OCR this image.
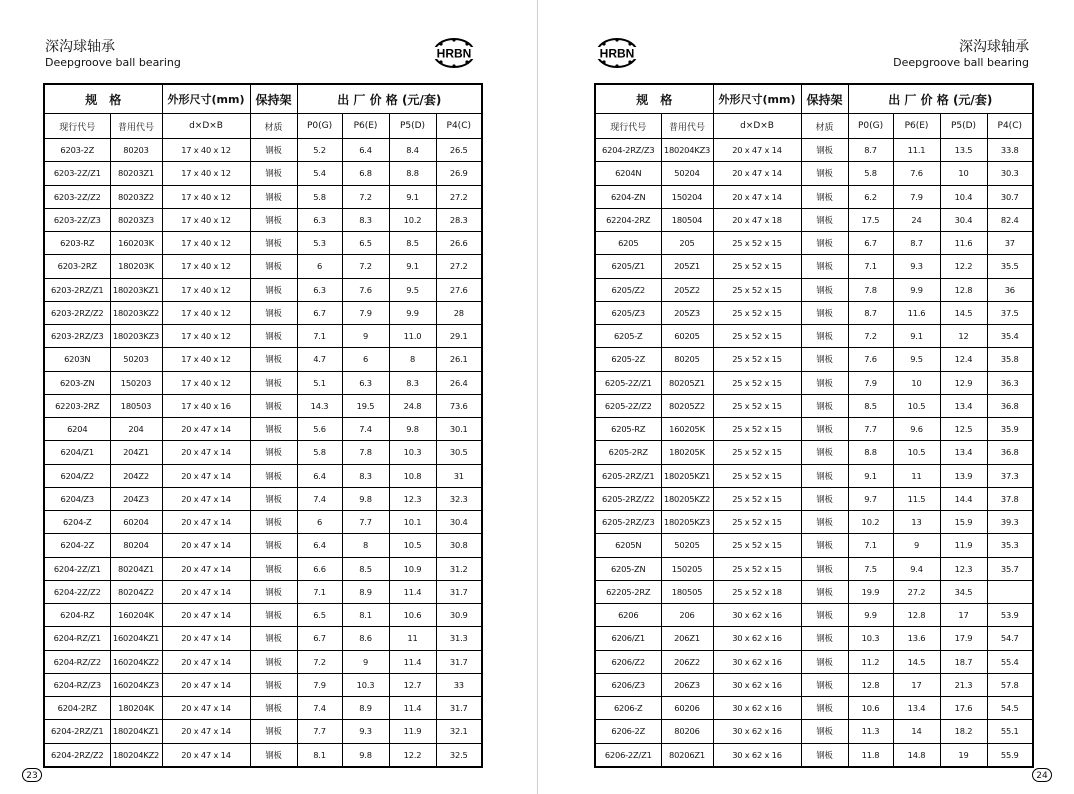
深沟球轴承
Deepgroove ball bearing
HRBN
规　格		外形尺寸(mm)	保持架	出 厂 价 格 (元/套)			
现行代号	普用代号	d×D×B	材质	P0(G)	P6(E)	P5(D)	P4(C)
6203-2Z	80203	17 x 40 x 12	钢板	5.2	6.4	8.4	26.5
6203-2Z/Z1	80203Z1	17 x 40 x 12	钢板	5.4	6.8	8.8	26.9
6203-2Z/Z2	80203Z2	17 x 40 x 12	钢板	5.8	7.2	9.1	27.2
6203-2Z/Z3	80203Z3	17 x 40 x 12	钢板	6.3	8.3	10.2	28.3
6203-RZ	160203K	17 x 40 x 12	钢板	5.3	6.5	8.5	26.6
6203-2RZ	180203K	17 x 40 x 12	钢板	6	7.2	9.1	27.2
6203-2RZ/Z1	180203KZ1	17 x 40 x 12	钢板	6.3	7.6	9.5	27.6
6203-2RZ/Z2	180203KZ2	17 x 40 x 12	钢板	6.7	7.9	9.9	28
6203-2RZ/Z3	180203KZ3	17 x 40 x 12	钢板	7.1	9	11.0	29.1
6203N	50203	17 x 40 x 12	钢板	4.7	6	8	26.1
6203-ZN	150203	17 x 40 x 12	钢板	5.1	6.3	8.3	26.4
62203-2RZ	180503	17 x 40 x 16	钢板	14.3	19.5	24.8	73.6
6204	204	20 x 47 x 14	钢板	5.6	7.4	9.8	30.1
6204/Z1	204Z1	20 x 47 x 14	钢板	5.8	7.8	10.3	30.5
6204/Z2	204Z2	20 x 47 x 14	钢板	6.4	8.3	10.8	31
6204/Z3	204Z3	20 x 47 x 14	钢板	7.4	9.8	12.3	32.3
6204-Z	60204	20 x 47 x 14	钢板	6	7.7	10.1	30.4
6204-2Z	80204	20 x 47 x 14	钢板	6.4	8	10.5	30.8
6204-2Z/Z1	80204Z1	20 x 47 x 14	钢板	6.6	8.5	10.9	31.2
6204-2Z/Z2	80204Z2	20 x 47 x 14	钢板	7.1	8.9	11.4	31.7
6204-RZ	160204K	20 x 47 x 14	钢板	6.5	8.1	10.6	30.9
6204-RZ/Z1	160204KZ1	20 x 47 x 14	钢板	6.7	8.6	11	31.3
6204-RZ/Z2	160204KZ2	20 x 47 x 14	钢板	7.2	9	11.4	31.7
6204-RZ/Z3	160204KZ3	20 x 47 x 14	钢板	7.9	10.3	12.7	33
6204-2RZ	180204K	20 x 47 x 14	钢板	7.4	8.9	11.4	31.7
6204-2RZ/Z1	180204KZ1	20 x 47 x 14	钢板	7.7	9.3	11.9	32.1
6204-2RZ/Z2	180204KZ2	20 x 47 x 14	钢板	8.1	9.8	12.2	32.5
23
HRBN	深沟球轴承
Deepgroove ball bearing
规　格		外形尺寸(mm)	保持架	出 厂 价 格 (元/套)			
现行代号	普用代号	d×D×B	材质	P0(G)	P6(E)	P5(D)	P4(C)
6204-2RZ/Z3	180204KZ3	20 x 47 x 14	钢板	8.7	11.1	13.5	33.8
6204N	50204	20 x 47 x 14	钢板	5.8	7.6	10	30.3
6204-ZN	150204	20 x 47 x 14	钢板	6.2	7.9	10.4	30.7
62204-2RZ	180504	20 x 47 x 18	钢板	17.5	24	30.4	82.4
6205	205	25 x 52 x 15	钢板	6.7	8.7	11.6	37
6205/Z1	205Z1	25 x 52 x 15	钢板	7.1	9.3	12.2	35.5
6205/Z2	205Z2	25 x 52 x 15	钢板	7.8	9.9	12.8	36
6205/Z3	205Z3	25 x 52 x 15	钢板	8.7	11.6	14.5	37.5
6205-Z	60205	25 x 52 x 15	钢板	7.2	9.1	12	35.4
6205-2Z	80205	25 x 52 x 15	钢板	7.6	9.5	12.4	35.8
6205-2Z/Z1	80205Z1	25 x 52 x 15	钢板	7.9	10	12.9	36.3
6205-2Z/Z2	80205Z2	25 x 52 x 15	钢板	8.5	10.5	13.4	36.8
6205-RZ	160205K	25 x 52 x 15	钢板	7.7	9.6	12.5	35.9
6205-2RZ	180205K	25 x 52 x 15	钢板	8.8	10.5	13.4	36.8
6205-2RZ/Z1	180205KZ1	25 x 52 x 15	钢板	9.1	11	13.9	37.3
6205-2RZ/Z2	180205KZ2	25 x 52 x 15	钢板	9.7	11.5	14.4	37.8
6205-2RZ/Z3	180205KZ3	25 x 52 x 15	钢板	10.2	13	15.9	39.3
6205N	50205	25 x 52 x 15	钢板	7.1	9	11.9	35.3
6205-ZN	150205	25 x 52 x 15	钢板	7.5	9.4	12.3	35.7
62205-2RZ	180505	25 x 52 x 18	钢板	19.9	27.2	34.5	
6206	206	30 x 62 x 16	钢板	9.9	12.8	17	53.9
6206/Z1	206Z1	30 x 62 x 16	钢板	10.3	13.6	17.9	54.7
6206/Z2	206Z2	30 x 62 x 16	钢板	11.2	14.5	18.7	55.4
6206/Z3	206Z3	30 x 62 x 16	钢板	12.8	17	21.3	57.8
6206-Z	60206	30 x 62 x 16	钢板	10.6	13.4	17.6	54.5
6206-2Z	80206	30 x 62 x 16	钢板	11.3	14	18.2	55.1
6206-2Z/Z1	80206Z1	30 x 62 x 16	钢板	11.8	14.8	19	55.9
24
